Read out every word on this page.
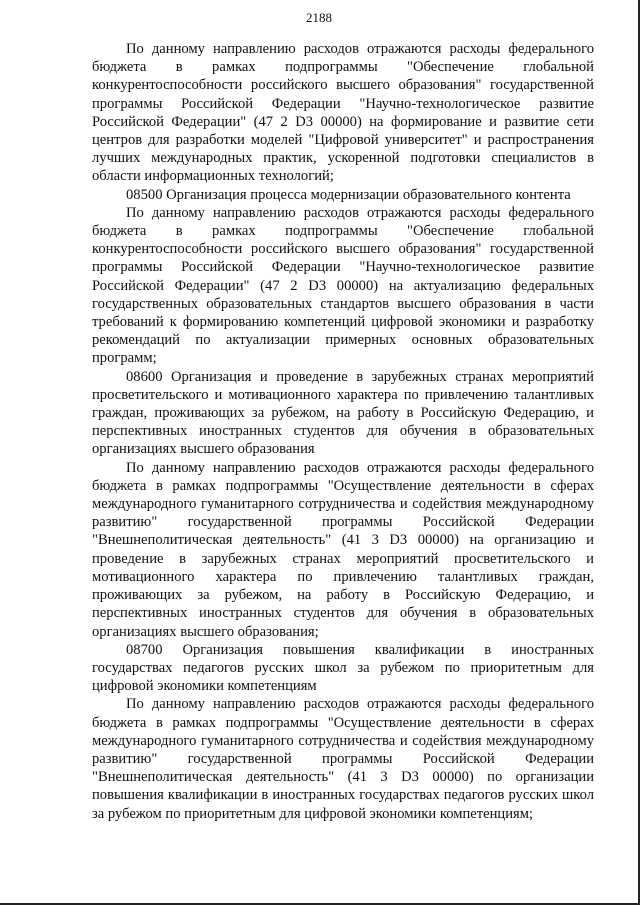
2188

По данному направлению расходов отражаются расходы федерального бюджета в рамках подпрограммы "Обеспечение глобальной конкурентоспособности российского высшего образования" государственной программы Российской Федерации "Научно-технологическое развитие Российской Федерации" (47 2 D3 00000) на формирование и развитие сети центров для разработки моделей "Цифровой университет" и распространения лучших международных практик, ускоренной подготовки специалистов в области информационных технологий;

08500 Организация процесса модернизации образовательного контента

По данному направлению расходов отражаются расходы федерального бюджета в рамках подпрограммы "Обеспечение глобальной конкурентоспособности российского высшего образования" государственной программы Российской Федерации "Научно-технологическое развитие Российской Федерации" (47 2 D3 00000) на актуализацию федеральных государственных образовательных стандартов высшего образования в части требований к формированию компетенций цифровой экономики и разработку рекомендаций по актуализации примерных основных образовательных программ;

08600 Организация и проведение в зарубежных странах мероприятий просветительского и мотивационного характера по привлечению талантливых граждан, проживающих за рубежом, на работу в Российскую Федерацию, и перспективных иностранных студентов для обучения в образовательных организациях высшего образования

По данному направлению расходов отражаются расходы федерального бюджета в рамках подпрограммы "Осуществление деятельности в сферах международного гуманитарного сотрудничества и содействия международному развитию" государственной программы Российской Федерации "Внешнеполитическая деятельность" (41 3 D3 00000) на организацию и проведение в зарубежных странах мероприятий просветительского и мотивационного характера по привлечению талантливых граждан, проживающих за рубежом, на работу в Российскую Федерацию, и перспективных иностранных студентов для обучения в образовательных организациях высшего образования;

08700 Организация повышения квалификации в иностранных государствах педагогов русских школ за рубежом по приоритетным для цифровой экономики компетенциям

По данному направлению расходов отражаются расходы федерального бюджета в рамках подпрограммы "Осуществление деятельности в сферах международного гуманитарного сотрудничества и содействия международному развитию" государственной программы Российской Федерации "Внешнеполитическая деятельность" (41 3 D3 00000) по организации повышения квалификации в иностранных государствах педагогов русских школ за рубежом по приоритетным для цифровой экономики компетенциям;
